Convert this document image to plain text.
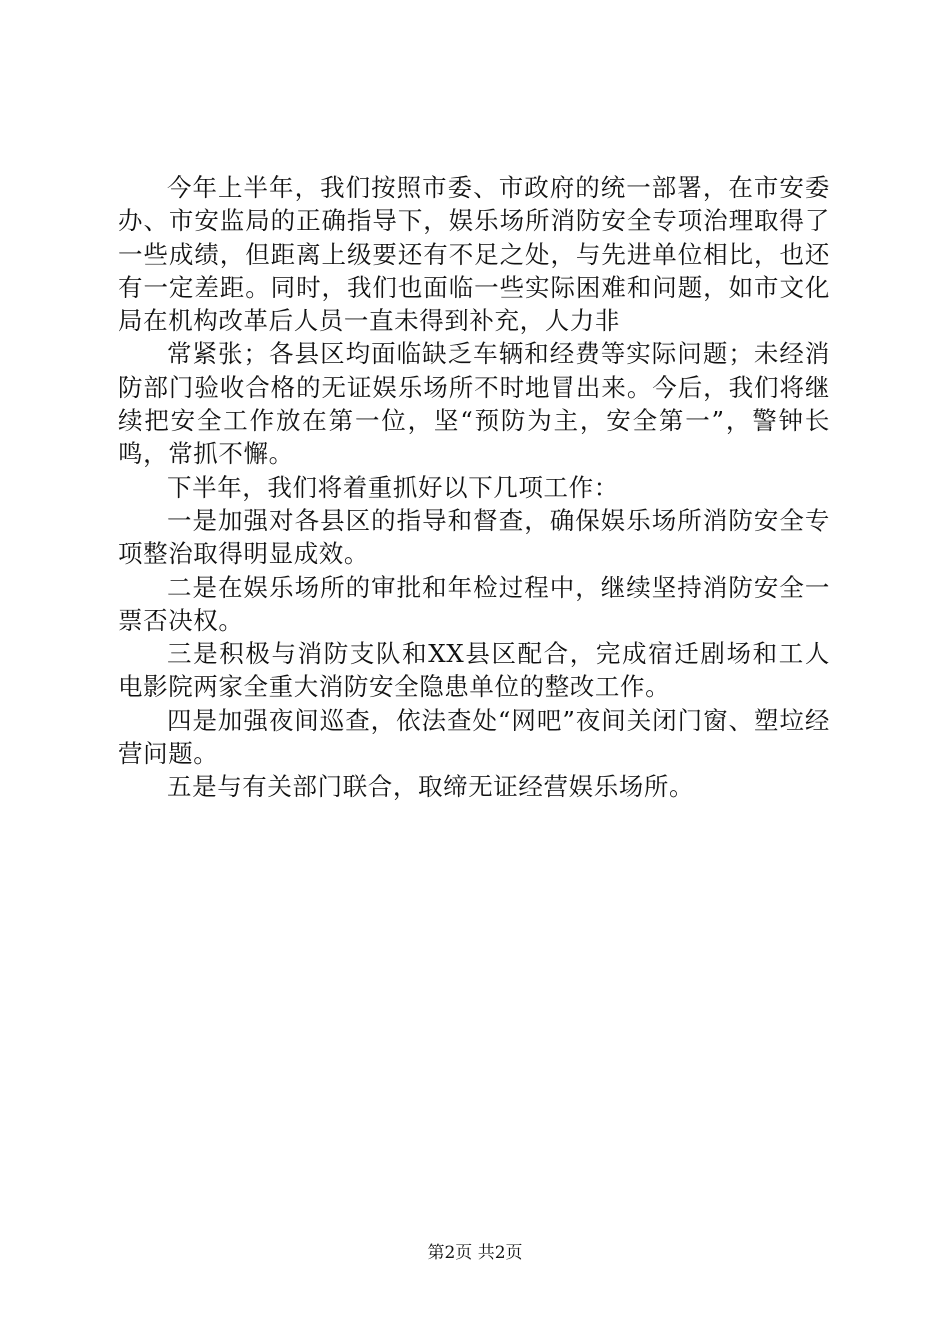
今年上半年，我们按照市委、市政府的统一部署，在市安委办、市安监局的正确指导下，娱乐场所消防安全专项治理取得了一些成绩，但距离上级要还有不足之处，与先进单位相比，也还有一定差距。同时，我们也面临一些实际困难和问题，如市文化局在机构改革后人员一直未得到补充，人力非

常紧张；各县区均面临缺乏车辆和经费等实际问题；未经消防部门验收合格的无证娱乐场所不时地冒出来。今后，我们将继续把安全工作放在第一位，坚“预防为主，安全第一”，警钟长鸣，常抓不懈。

下半年，我们将着重抓好以下几项工作：

一是加强对各县区的指导和督查，确保娱乐场所消防安全专项整治取得明显成效。

二是在娱乐场所的审批和年检过程中，继续坚持消防安全一票否决权。

三是积极与消防支队和XX县区配合，完成宿迁剧场和工人电影院两家全重大消防安全隐患单位的整改工作。

四是加强夜间巡查，依法查处“网吧”夜间关闭门窗、塑垃经营问题。

五是与有关部门联合，取缔无证经营娱乐场所。

第2页 共2页
